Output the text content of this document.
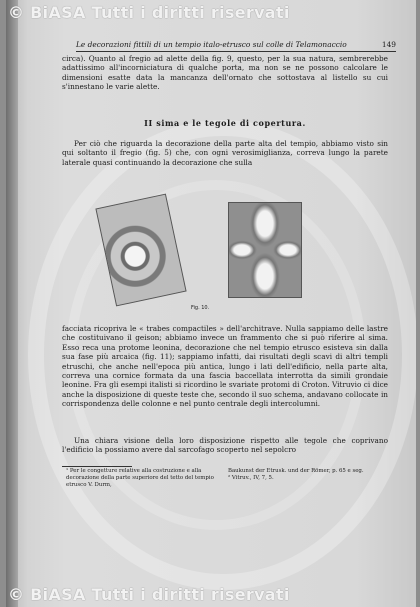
Le decorazioni fittili di un tempio italo-etrusco sul colle di Telamonaccio	149
circa). Quanto al fregio ad alette della fig. 9, questo, per la sua natura, sembrerebbe adattissimo all'incorniciatura di qualche porta, ma non se ne possono calcolare le dimensioni esatte data la mancanza dell'ornato che sottostava al listello su cui s'innestano le varie alette.
II sima e le tegole di copertura.
Per ciò che riguarda la decorazione della parte alta del tempio, abbiamo visto sin qui soltanto il fregio (fig. 5) che, con ogni verosimiglianza, correva lungo la parete laterale quasi continuando la decorazione che sulla
Fig. 10.
facciata ricopriva le « trabes compactiles » dell'architrave. Nulla sappiamo delle lastre che costituivano il geison; abbiamo invece un frammento che si può riferire al sima. Esso reca una protome leonina, decorazione che nel tempio etrusco esisteva sin dalla sua fase più arcaica (fig. 11); sappiamo infatti, dai risultati degli scavi di altri templi etruschi, che anche nell'epoca più antica, lungo i lati dell'edificio, nella parte alta, correva una cornice formata da una fascia baccellata interrotta da simili grondaie leonine. Fra gli esempi italisti si ricordino le svariate protomi di Croton. Vitruvio ci dice anche la disposizione di queste teste che, secondo il suo schema, andavano collocate in corrispondenza delle colonne e nel punto centrale degli intercolumni.
Una chiara visione della loro disposizione rispetto alle tegole che coprivano l'edificio la possiamo avere dal sarcofago scoperto nel sepolcro
¹ Per le congetture relative alla costruzione e alla decorazione della parte superiore del tetto del tempio etrusco V. Durm,
Baukunst der Etrusk. und der Römer, p. 65 e seg.
² Vitruv., IV, 7, 5.
© BiASA Tutti i diritti riservati
© BiASA Tutti i diritti riservati
